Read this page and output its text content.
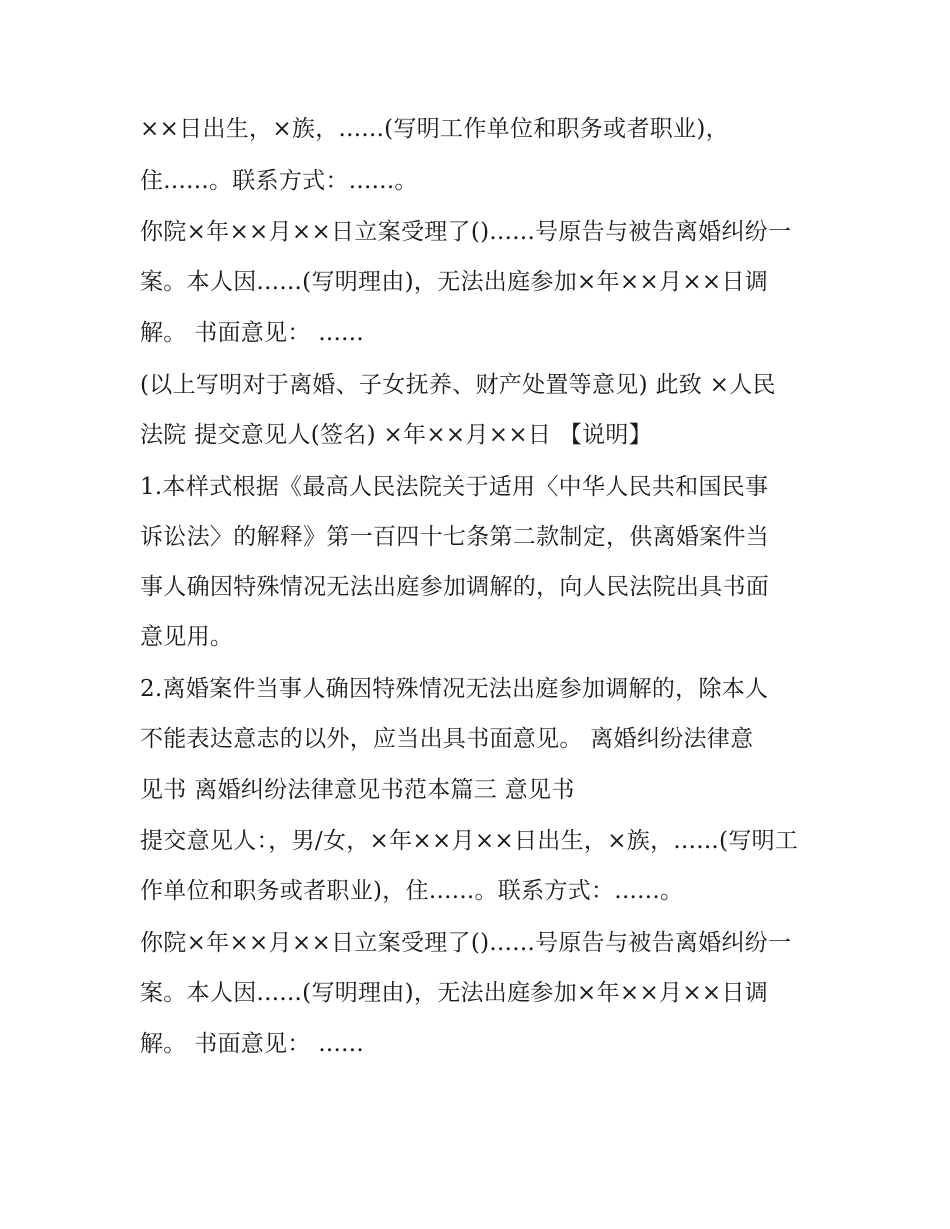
××日出生，×族，......(写明工作单位和职务或者职业)，
住......。联系方式：......。
你院×年××月××日立案受理了()......号原告与被告离婚纠纷一
案。本人因......(写明理由)，无法出庭参加×年××月××日调
解。 书面意见： ......
(以上写明对于离婚、子女抚养、财产处置等意见) 此致 ×人民
法院 提交意见人(签名) ×年××月××日 【说明】
1.本样式根据《最高人民法院关于适用〈中华人民共和国民事
诉讼法〉的解释》第一百四十七条第二款制定，供离婚案件当
事人确因特殊情况无法出庭参加调解的，向人民法院出具书面
意见用。
2.离婚案件当事人确因特殊情况无法出庭参加调解的，除本人
不能表达意志的以外，应当出具书面意见。 离婚纠纷法律意
见书 离婚纠纷法律意见书范本篇三 意见书
提交意见人：，男/女，×年××月××日出生，×族，......(写明工
作单位和职务或者职业)，住......。联系方式：......。
你院×年××月××日立案受理了()......号原告与被告离婚纠纷一
案。本人因......(写明理由)，无法出庭参加×年××月××日调
解。 书面意见： ......
